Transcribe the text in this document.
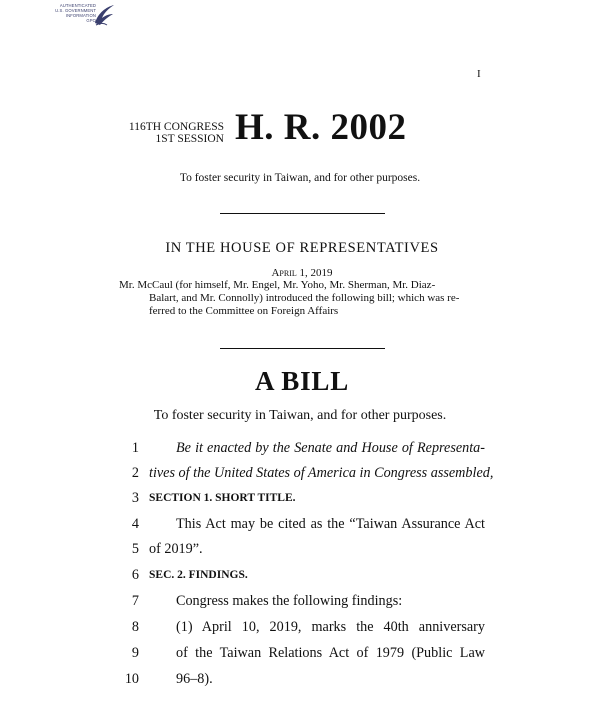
AUTHENTICATED
U.S. GOVERNMENT
INFORMATION
GPO
I
116TH CONGRESS
1ST SESSION H. R. 2002
To foster security in Taiwan, and for other purposes.
IN THE HOUSE OF REPRESENTATIVES
April 1, 2019
Mr. McCaul (for himself, Mr. Engel, Mr. Yoho, Mr. Sherman, Mr. Diaz-
Balart, and Mr. Connolly) introduced the following bill; which was re-
ferred to the Committee on Foreign Affairs
A BILL
To foster security in Taiwan, and for other purposes.
1	Be it enacted by the Senate and House of Representa-
2 tives of the United States of America in Congress assembled,
3 SECTION 1. SHORT TITLE.
4	This Act may be cited as the “Taiwan Assurance Act
5 of 2019”.
6 SEC. 2. FINDINGS.
7	Congress makes the following findings:
8	(1) April 10, 2019, marks the 40th anniversary
9	of the Taiwan Relations Act of 1979 (Public Law
10	96–8).
